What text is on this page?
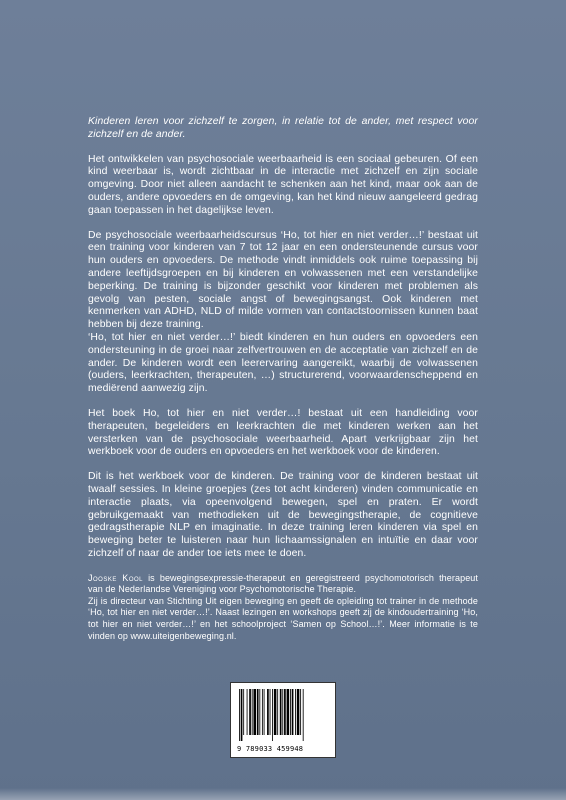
Kinderen leren voor zichzelf te zorgen, in relatie tot de ander, met respect voor zichzelf en de ander.

Het ontwikkelen van psychosociale weerbaarheid is een sociaal gebeuren. Of een kind weerbaar is, wordt zichtbaar in de interactie met zichzelf en zijn sociale omgeving. Door niet alleen aandacht te schenken aan het kind, maar ook aan de ouders, andere opvoeders en de omgeving, kan het kind nieuw aangeleerd gedrag gaan toepassen in het dagelijkse leven.

De psychosociale weerbaarheidscursus ‘Ho, tot hier en niet verder…!’ bestaat uit een training voor kinderen van 7 tot 12 jaar en een ondersteunende cursus voor hun ouders en opvoeders. De methode vindt inmiddels ook ruime toepassing bij andere leeftijdsgroepen en bij kinderen en volwassenen met een verstandelijke beperking. De training is bijzonder geschikt voor kinderen met problemen als gevolg van pesten, sociale angst of bewegingsangst. Ook kinderen met kenmerken van ADHD, NLD of milde vormen van contactstoornissen kunnen baat hebben bij deze training.

‘Ho, tot hier en niet verder…!’ biedt kinderen en hun ouders en opvoeders een ondersteuning in de groei naar zelfvertrouwen en de acceptatie van zichzelf en de ander. De kinderen wordt een leerervaring aangereikt, waarbij de volwassenen (ouders, leerkrachten, therapeuten, …) structurerend, voorwaardenscheppend en mediërend aanwezig zijn.

Het boek Ho, tot hier en niet verder…! bestaat uit een handleiding voor therapeuten, begeleiders en leerkrachten die met kinderen werken aan het versterken van de psychosociale weerbaarheid. Apart verkrijgbaar zijn het werkboek voor de ouders en opvoeders en het werkboek voor de kinderen.

Dit is het werkboek voor de kinderen. De training voor de kinderen bestaat uit twaalf sessies. In kleine groepjes (zes tot acht kinderen) vinden communicatie en interactie plaats, via opeenvolgend bewegen, spel en praten. Er wordt gebruikgemaakt van methodieken uit de bewegingstherapie, de cognitieve gedragstherapie NLP en imaginatie. In deze training leren kinderen via spel en beweging beter te luisteren naar hun lichaamssignalen en intuïtie en daar voor zichzelf of naar de ander toe iets mee te doen.

Jooske Kool is bewegingsexpressie-therapeut en geregistreerd psychomotorisch therapeut van de Nederlandse Vereniging voor Psychomotorische Therapie.
Zij is directeur van Stichting Uit eigen beweging en geeft de opleiding tot trainer in de methode ‘Ho, tot hier en niet verder…!’. Naast lezingen en workshops geeft zij de kindoudertraining ‘Ho, tot hier en niet verder…!’ en het schoolproject ‘Samen op School…!’. Meer informatie is te vinden op www.uiteigenbeweging.nl.

9 789033 459948
